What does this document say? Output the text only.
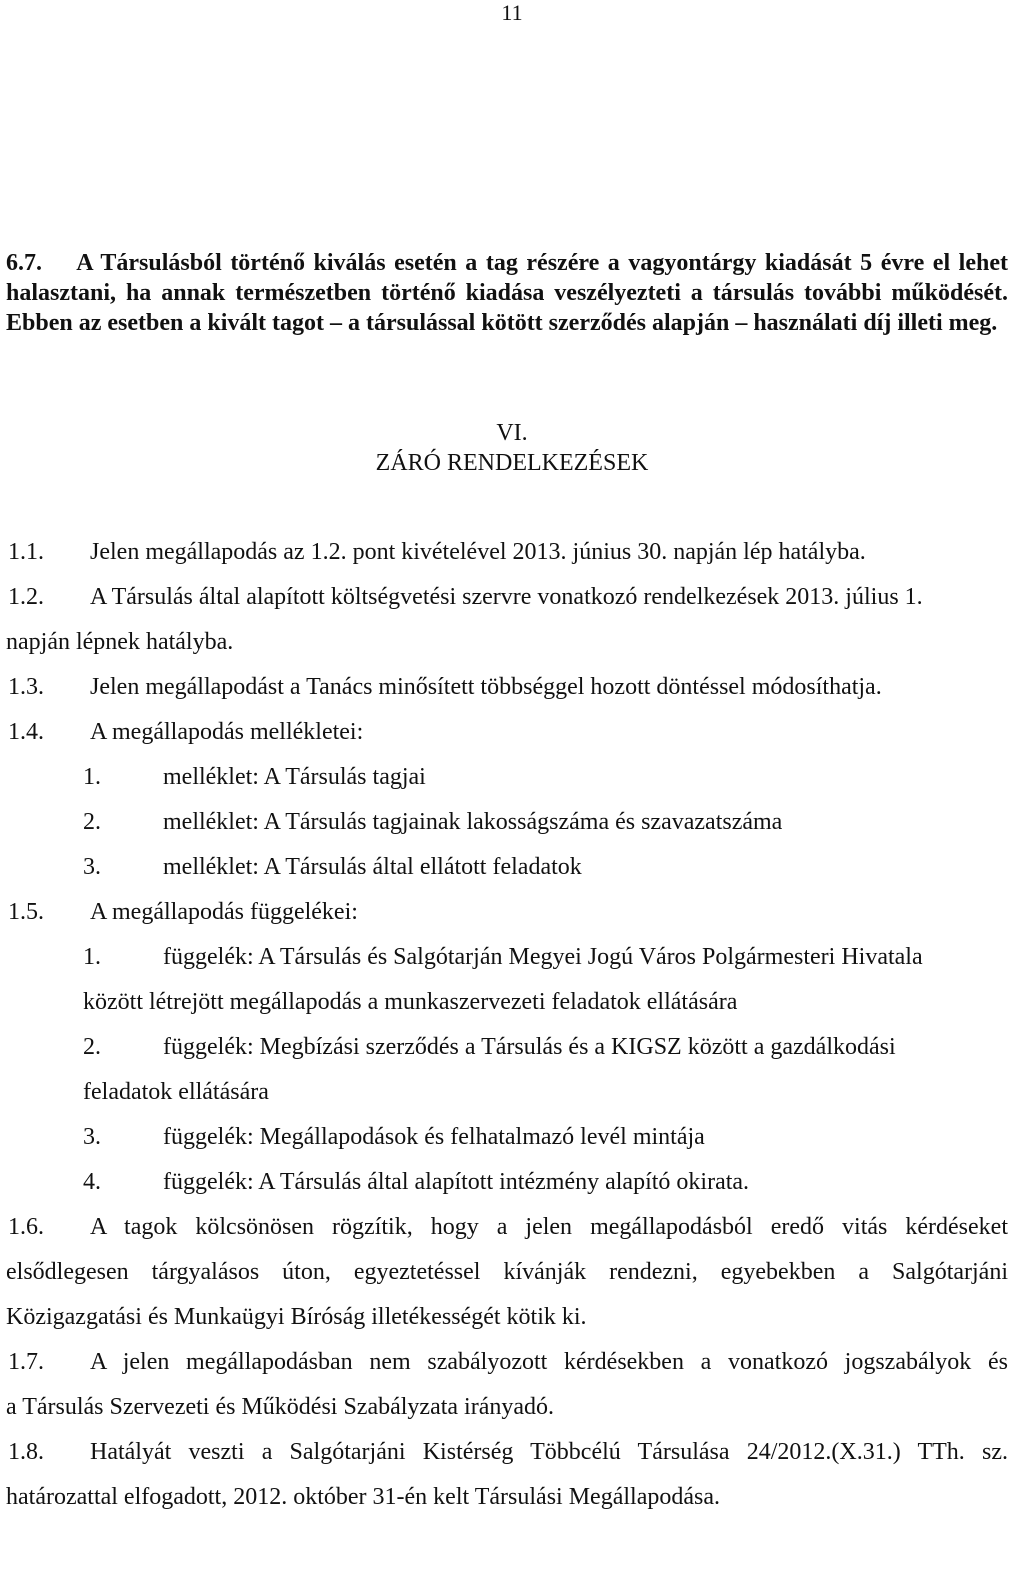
11
6.7. A Társulásból történő kiválás esetén a tag részére a vagyontárgy kiadását 5 évre el lehet halasztani, ha annak természetben történő kiadása veszélyezteti a társulás további működését. Ebben az esetben a kivált tagot – a társulással kötött szerződés alapján – használati díj illeti meg.
VI.
ZÁRÓ RENDELKEZÉSEK
1.1. Jelen megállapodás az 1.2. pont kivételével 2013. június 30. napján lép hatályba.
1.2. A Társulás által alapított költségvetési szervre vonatkozó rendelkezések 2013. július 1.
napján lépnek hatályba.
1.3. Jelen megállapodást a Tanács minősített többséggel hozott döntéssel módosíthatja.
1.4. A megállapodás mellékletei:
1.	melléklet: A Társulás tagjai
2.	melléklet: A Társulás tagjainak lakosságszáma és szavazatszáma
3.	melléklet: A Társulás által ellátott feladatok
1.5. A megállapodás függelékei:
1.	függelék: A Társulás és Salgótarján Megyei Jogú Város Polgármesteri Hivatala
között létrejött megállapodás a munkaszervezeti feladatok ellátására
2.	függelék: Megbízási szerződés a Társulás és a KIGSZ között a gazdálkodási
feladatok ellátására
3.	függelék: Megállapodások és felhatalmazó levél mintája
4.	függelék: A Társulás által alapított intézmény alapító okirata.
1.6. A tagok kölcsönösen rögzítik, hogy a jelen megállapodásból eredő vitás kérdéseket
elsődlegesen tárgyalásos úton, egyeztetéssel kívánják rendezni, egyebekben a Salgótarjáni
Közigazgatási és Munkaügyi Bíróság illetékességét kötik ki.
1.7. A jelen megállapodásban nem szabályozott kérdésekben a vonatkozó jogszabályok és
a Társulás Szervezeti és Működési Szabályzata irányadó.
1.8. Hatályát veszti a Salgótarjáni Kistérség Többcélú Társulása 24/2012.(X.31.) TTh. sz.
határozattal elfogadott, 2012. október 31-én kelt Társulási Megállapodása.
